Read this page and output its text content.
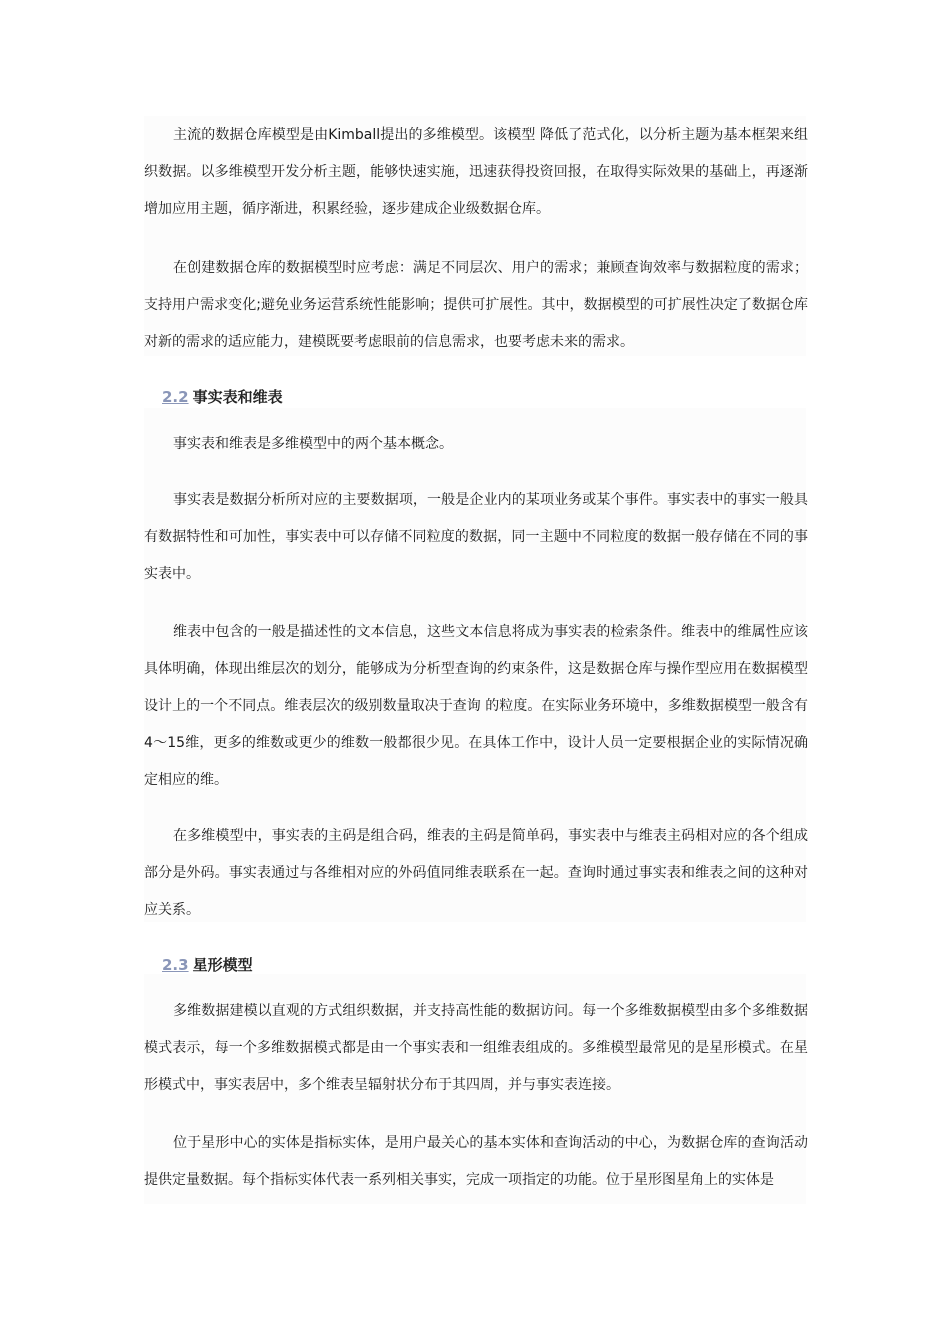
主流的数据仓库模型是由Kimball提出的多维模型。该模型 降低了范式化，以分析主题为基本框架来组织数据。以多维模型开发分析主题，能够快速实施，迅速获得投资回报，在取得实际效果的基础上，再逐渐增加应用主题，循序渐进，积累经验，逐步建成企业级数据仓库。

在创建数据仓库的数据模型时应考虑：满足不同层次、用户的需求；兼顾查询效率与数据粒度的需求；支持用户需求变化;避免业务运营系统性能影响；提供可扩展性。其中，数据模型的可扩展性决定了数据仓库对新的需求的适应能力，建模既要考虑眼前的信息需求，也要考虑未来的需求。

2.2 事实表和维表

事实表和维表是多维模型中的两个基本概念。

事实表是数据分析所对应的主要数据项，一般是企业内的某项业务或某个事件。事实表中的事实一般具有数据特性和可加性，事实表中可以存储不同粒度的数据，同一主题中不同粒度的数据一般存储在不同的事实表中。

维表中包含的一般是描述性的文本信息，这些文本信息将成为事实表的检索条件。维表中的维属性应该具体明确，体现出维层次的划分，能够成为分析型查询的约束条件，这是数据仓库与操作型应用在数据模型设计上的一个不同点。维表层次的级别数量取决于查询 的粒度。在实际业务环境中，多维数据模型一般含有4～15维，更多的维数或更少的维数一般都很少见。在具体工作中，设计人员一定要根据企业的实际情况确定相应的维。

在多维模型中，事实表的主码是组合码，维表的主码是简单码，事实表中与维表主码相对应的各个组成部分是外码。事实表通过与各维相对应的外码值同维表联系在一起。查询时通过事实表和维表之间的这种对应关系。

2.3 星形模型

多维数据建模以直观的方式组织数据，并支持高性能的数据访问。每一个多维数据模型由多个多维数据模式表示，每一个多维数据模式都是由一个事实表和一组维表组成的。多维模型最常见的是星形模式。在星形模式中，事实表居中，多个维表呈辐射状分布于其四周，并与事实表连接。

位于星形中心的实体是指标实体，是用户最关心的基本实体和查询活动的中心，为数据仓库的查询活动提供定量数据。每个指标实体代表一系列相关事实，完成一项指定的功能。位于星形图星角上的实体是
